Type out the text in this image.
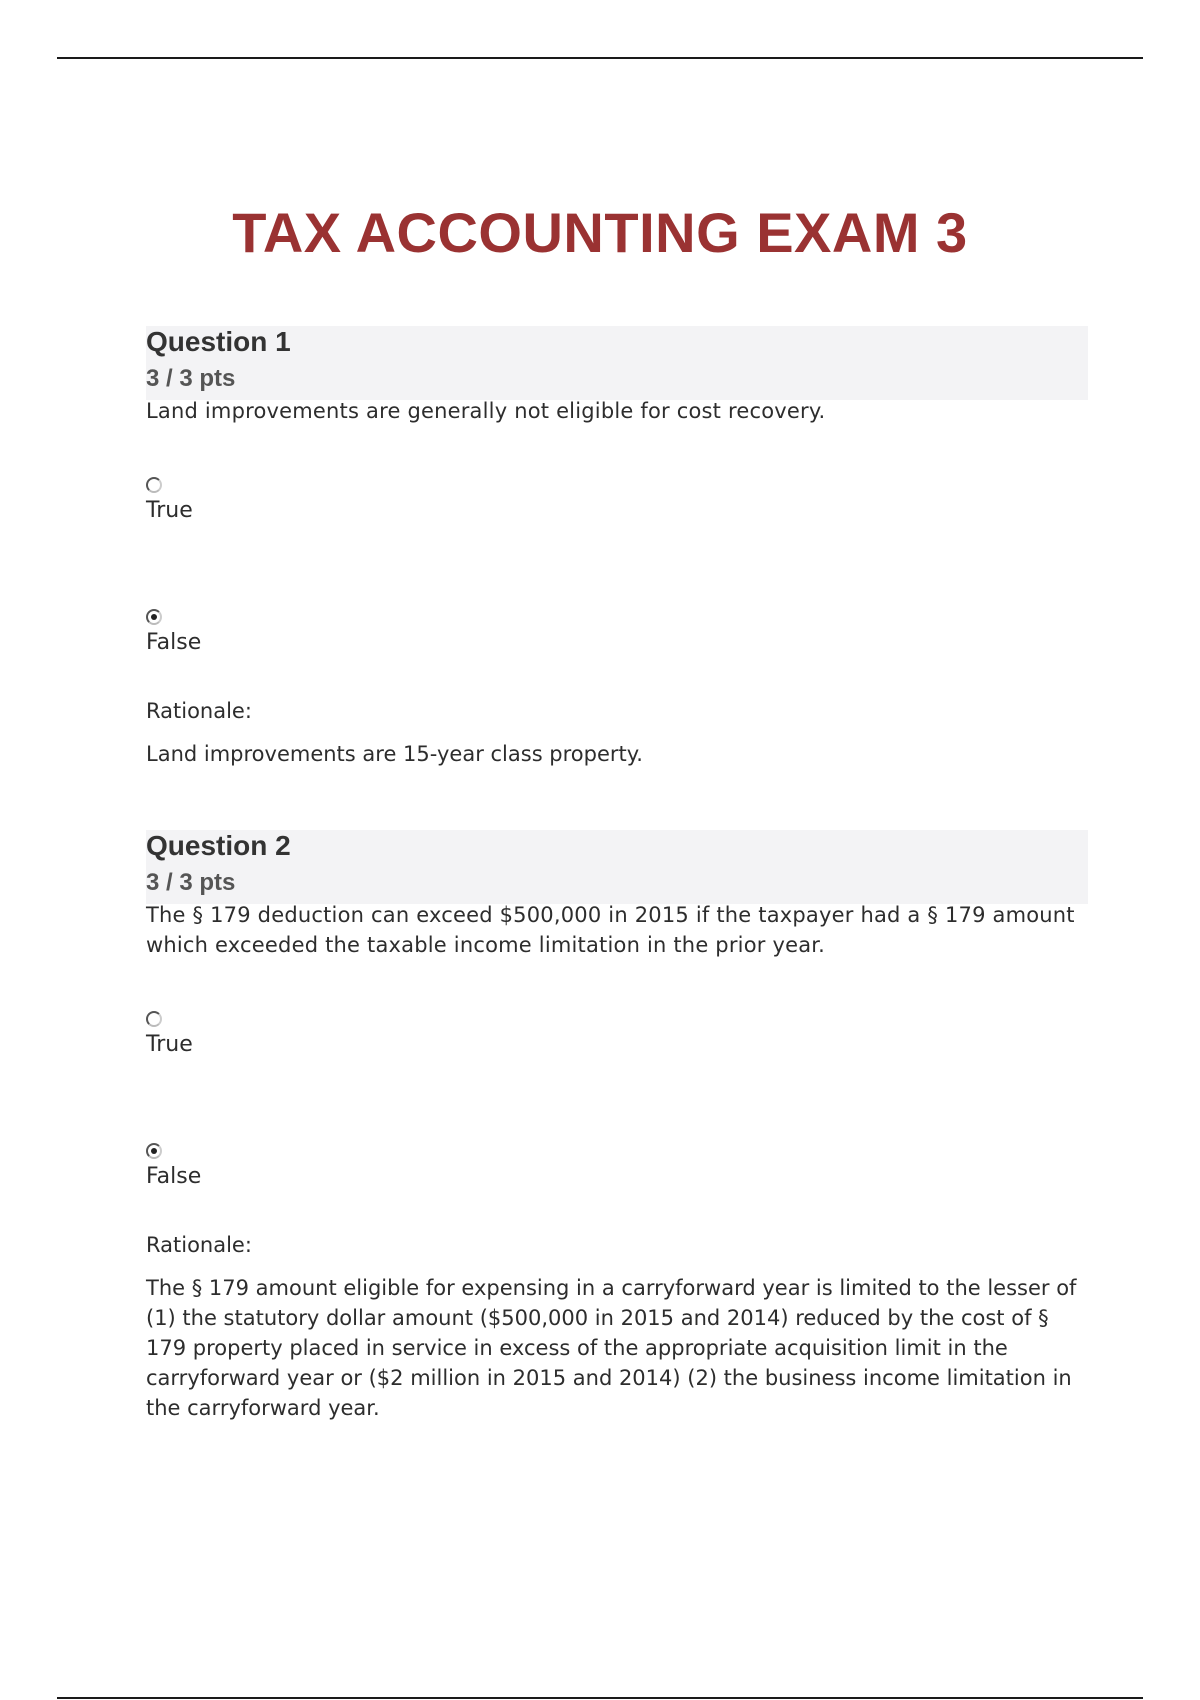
TAX ACCOUNTING EXAM 3
Question 1
3 / 3 pts

Land improvements are generally not eligible for cost recovery.

True
False

Rationale:

Land improvements are 15-year class property.

Question 2
3 / 3 pts

The § 179 deduction can exceed $500,000 in 2015 if the taxpayer had a § 179 amount which exceeded the taxable income limitation in the prior year.

True
False

Rationale:

The § 179 amount eligible for expensing in a carryforward year is limited to the lesser of (1) the statutory dollar amount ($500,000 in 2015 and 2014) reduced by the cost of § 179 property placed in service in excess of the appropriate acquisition limit in the carryforward year or ($2 million in 2015 and 2014) (2) the business income limitation in the carryforward year.
